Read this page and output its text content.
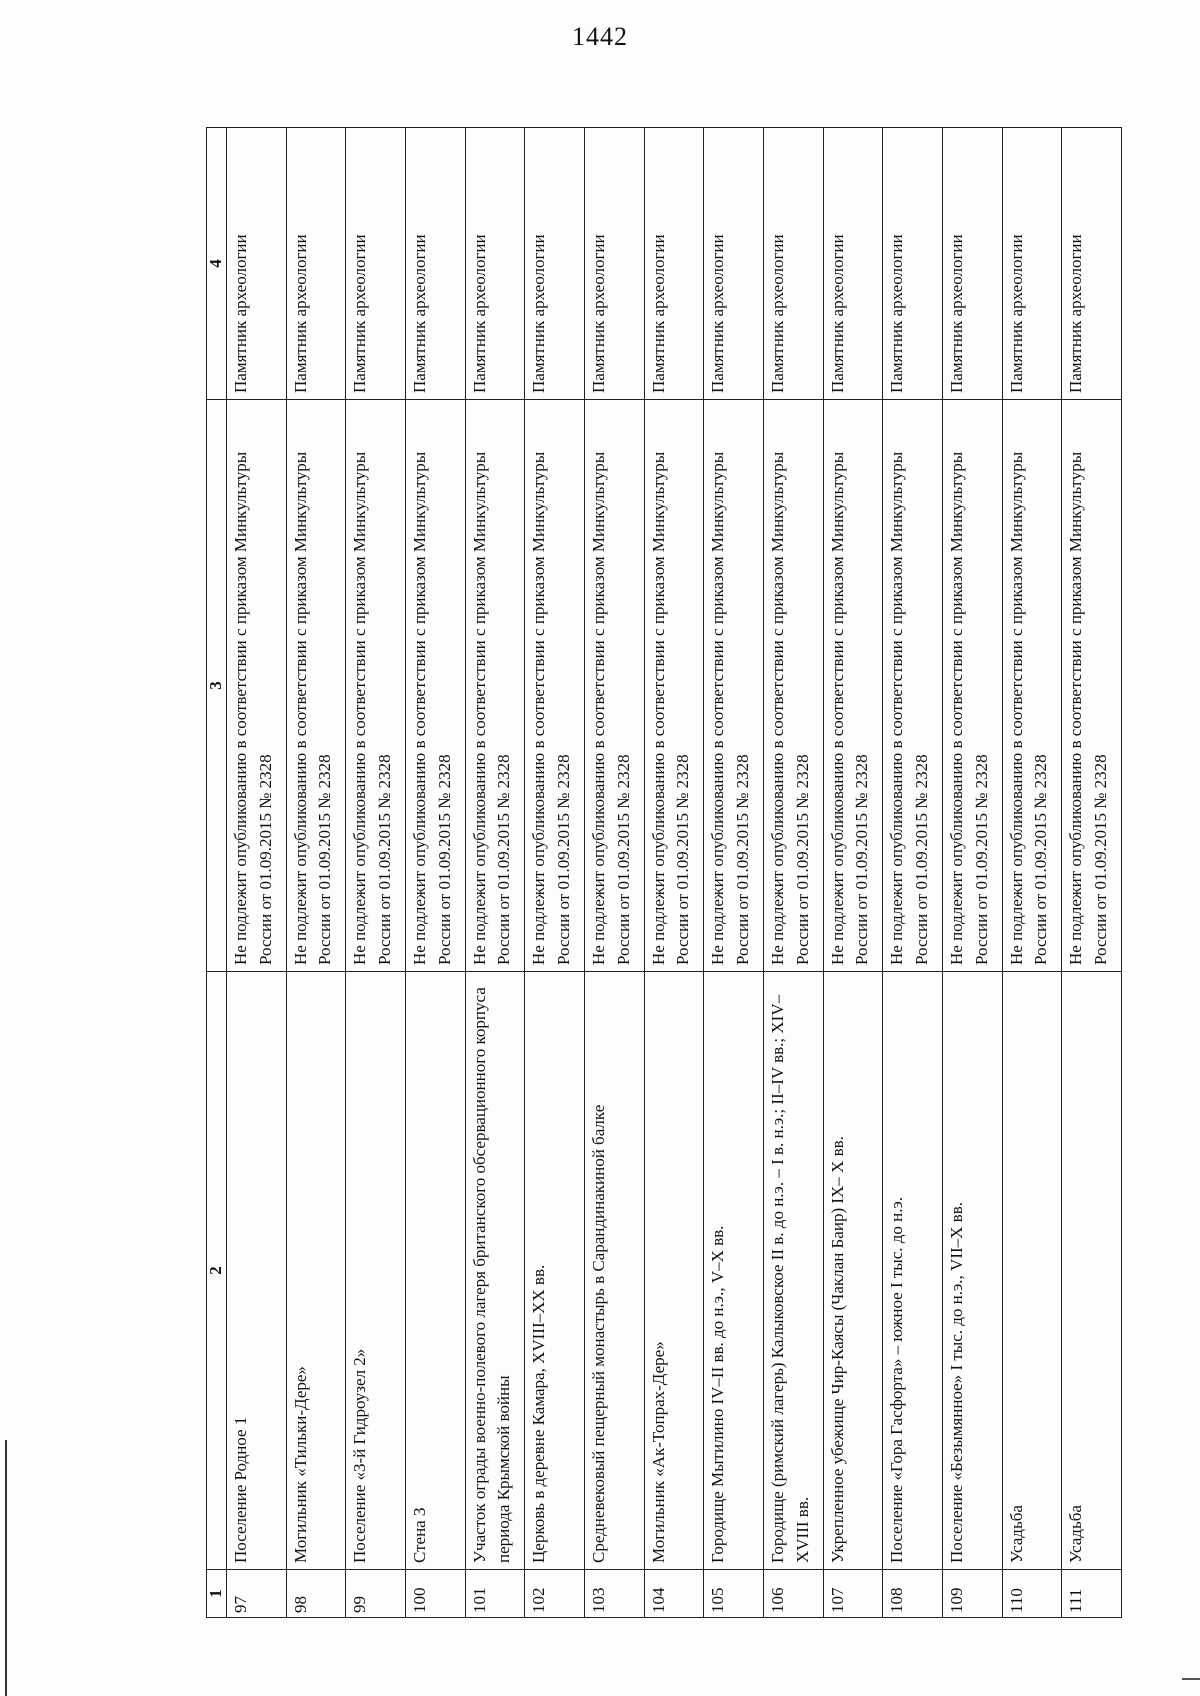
1442
1	2	3	4
97	Поселение Родное 1	Не подлежит опубликованию в соответствии с приказом Минкультуры России от 01.09.2015 № 2328	Памятник археологии
98	Могильник «Тильки-Дере»	Не подлежит опубликованию в соответствии с приказом Минкультуры России от 01.09.2015 № 2328	Памятник археологии
99	Поселение «3-й Гидроузел 2»	Не подлежит опубликованию в соответствии с приказом Минкультуры России от 01.09.2015 № 2328	Памятник археологии
100	Стена 3	Не подлежит опубликованию в соответствии с приказом Минкультуры России от 01.09.2015 № 2328	Памятник археологии
101	Участок ограды военно-полевого лагеря британского обсервационного корпуса периода Крымской войны	Не подлежит опубликованию в соответствии с приказом Минкультуры России от 01.09.2015 № 2328	Памятник археологии
102	Церковь в деревне Камара, XVIII–XX вв.	Не подлежит опубликованию в соответствии с приказом Минкультуры России от 01.09.2015 № 2328	Памятник археологии
103	Средневековый пещерный монастырь в Сарандинакиной балке	Не подлежит опубликованию в соответствии с приказом Минкультуры России от 01.09.2015 № 2328	Памятник археологии
104	Могильник «Ак-Топрах-Дере»	Не подлежит опубликованию в соответствии с приказом Минкультуры России от 01.09.2015 № 2328	Памятник археологии
105	Городище Мытилино IV–II вв. до н.э., V–X вв.	Не подлежит опубликованию в соответствии с приказом Минкультуры России от 01.09.2015 № 2328	Памятник археологии
106	Городище (римский лагерь) Калыковское II в. до н.э. – I в. н.э.; II–IV вв.; XIV–XVIII вв.	Не подлежит опубликованию в соответствии с приказом Минкультуры России от 01.09.2015 № 2328	Памятник археологии
107	Укрепленное убежище Чир-Каясы (Чаклан Баир) IX– X вв.	Не подлежит опубликованию в соответствии с приказом Минкультуры России от 01.09.2015 № 2328	Памятник археологии
108	Поселение «Гора Гасфорта» – южное I тыс. до н.э.	Не подлежит опубликованию в соответствии с приказом Минкультуры России от 01.09.2015 № 2328	Памятник археологии
109	Поселение «Безымянное» I тыс. до н.э., VII–X вв.	Не подлежит опубликованию в соответствии с приказом Минкультуры России от 01.09.2015 № 2328	Памятник археологии
110	Усадьба	Не подлежит опубликованию в соответствии с приказом Минкультуры России от 01.09.2015 № 2328	Памятник археологии
111	Усадьба	Не подлежит опубликованию в соответствии с приказом Минкультуры России от 01.09.2015 № 2328	Памятник археологии
